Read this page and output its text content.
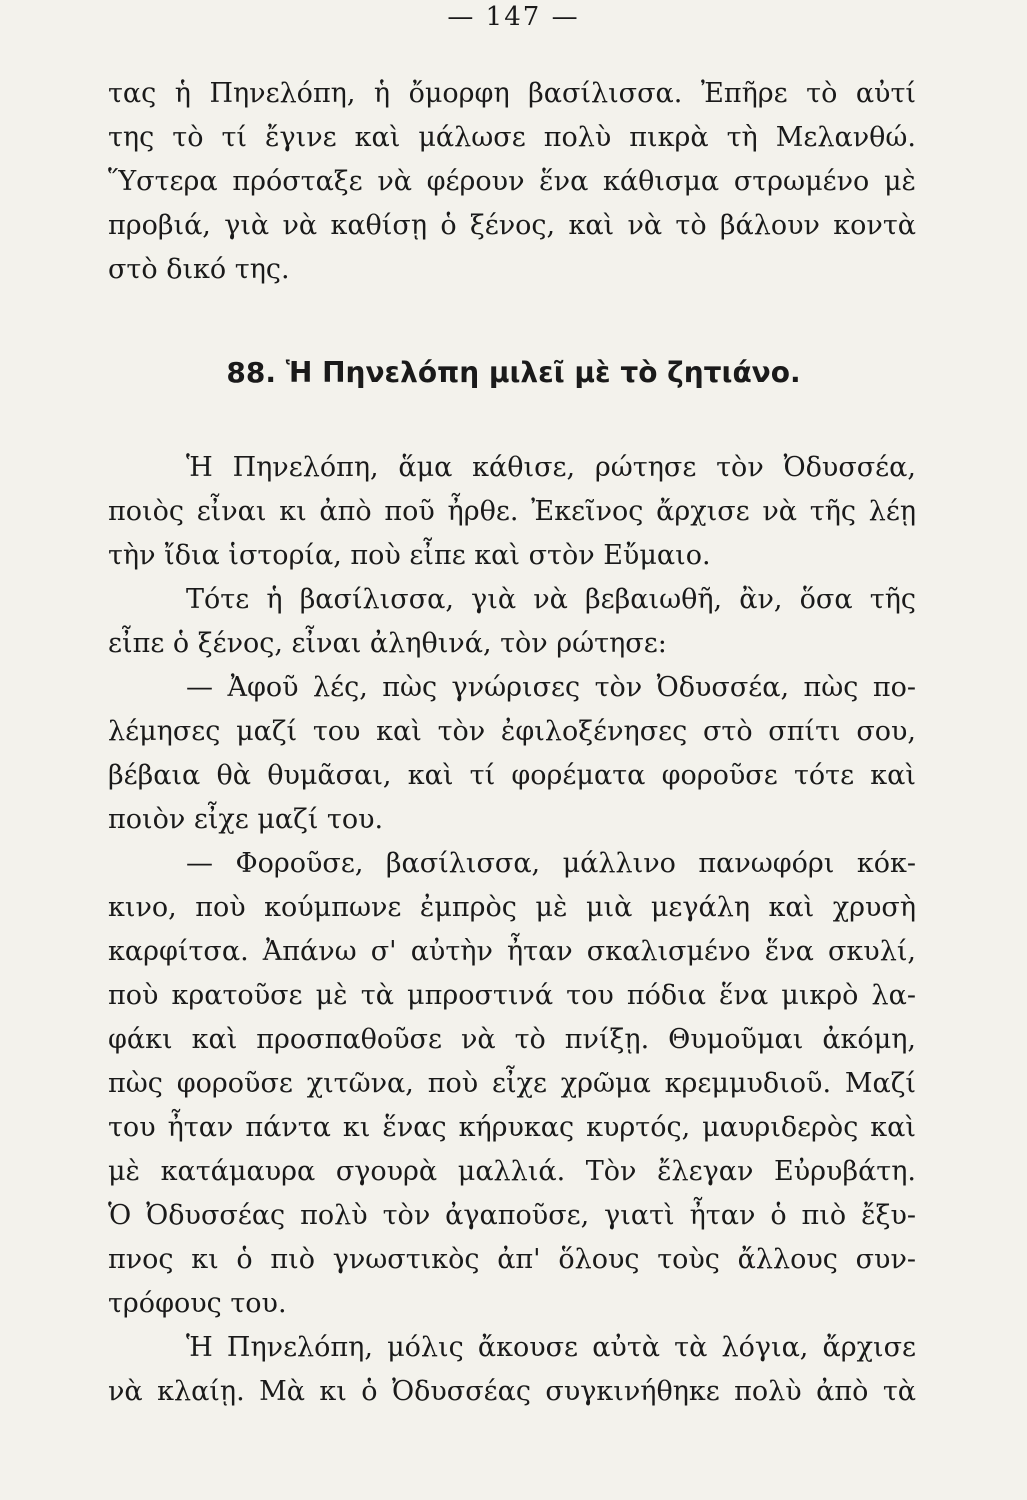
— 147 —
τας ἡ Πηνελόπη, ἡ ὄμορφη βασίλισσα. Ἐπῆρε τὸ αὐτί
της τὸ τί ἔγινε καὶ μάλωσε πολὺ πικρὰ τὴ Μελανθώ.
Ὕστερα πρόσταξε νὰ φέρουν ἕνα κάθισμα στρωμένο μὲ
προβιά, γιὰ νὰ καθίσῃ ὁ ξένος, καὶ νὰ τὸ βάλουν κοντὰ
στὸ δικό της.
88. Ἡ Πηνελόπη μιλεῖ μὲ τὸ ζητιάνο.
Ἡ Πηνελόπη, ἅμα κάθισε, ρώτησε τὸν Ὀδυσσέα,
ποιὸς εἶναι κι ἀπὸ ποῦ ἦρθε. Ἐκεῖνος ἄρχισε νὰ τῆς λέῃ
τὴν ἴδια ἱστορία, ποὺ εἶπε καὶ στὸν Εὔμαιο.
Τότε ἡ βασίλισσα, γιὰ νὰ βεβαιωθῆ, ἂν, ὅσα τῆς
εἶπε ὁ ξένος, εἶναι ἀληθινά, τὸν ρώτησε:
— Ἀφοῦ λές, πὼς γνώρισες τὸν Ὀδυσσέα, πὼς πο-
λέμησες μαζί του καὶ τὸν ἐφιλοξένησες στὸ σπίτι σου,
βέβαια θὰ θυμᾶσαι, καὶ τί φορέματα φοροῦσε τότε καὶ
ποιὸν εἶχε μαζί του.
— Φοροῦσε, βασίλισσα, μάλλινο πανωφόρι κόκ-
κινο, ποὺ κούμπωνε ἐμπρὸς μὲ μιὰ μεγάλη καὶ χρυσὴ
καρφίτσα. Ἀπάνω σ' αὐτὴν ἦταν σκαλισμένο ἕνα σκυλί,
ποὺ κρατοῦσε μὲ τὰ μπροστινά του πόδια ἕνα μικρὸ λα-
φάκι καὶ προσπαθοῦσε νὰ τὸ πνίξῃ. Θυμοῦμαι ἀκόμη,
πὼς φοροῦσε χιτῶνα, ποὺ εἶχε χρῶμα κρεμμυδιοῦ. Μαζί
του ἦταν πάντα κι ἕνας κήρυκας κυρτός, μαυριδερὸς καὶ
μὲ κατάμαυρα σγουρὰ μαλλιά. Τὸν ἔλεγαν Εὐρυβάτη.
Ὁ Ὀδυσσέας πολὺ τὸν ἀγαποῦσε, γιατὶ ἦταν ὁ πιὸ ἔξυ-
πνος κι ὁ πιὸ γνωστικὸς ἀπ' ὅλους τοὺς ἄλλους συν-
τρόφους του.
Ἡ Πηνελόπη, μόλις ἄκουσε αὐτὰ τὰ λόγια, ἄρχισε
νὰ κλαίῃ. Μὰ κι ὁ Ὀδυσσέας συγκινήθηκε πολὺ ἀπὸ τὰ
